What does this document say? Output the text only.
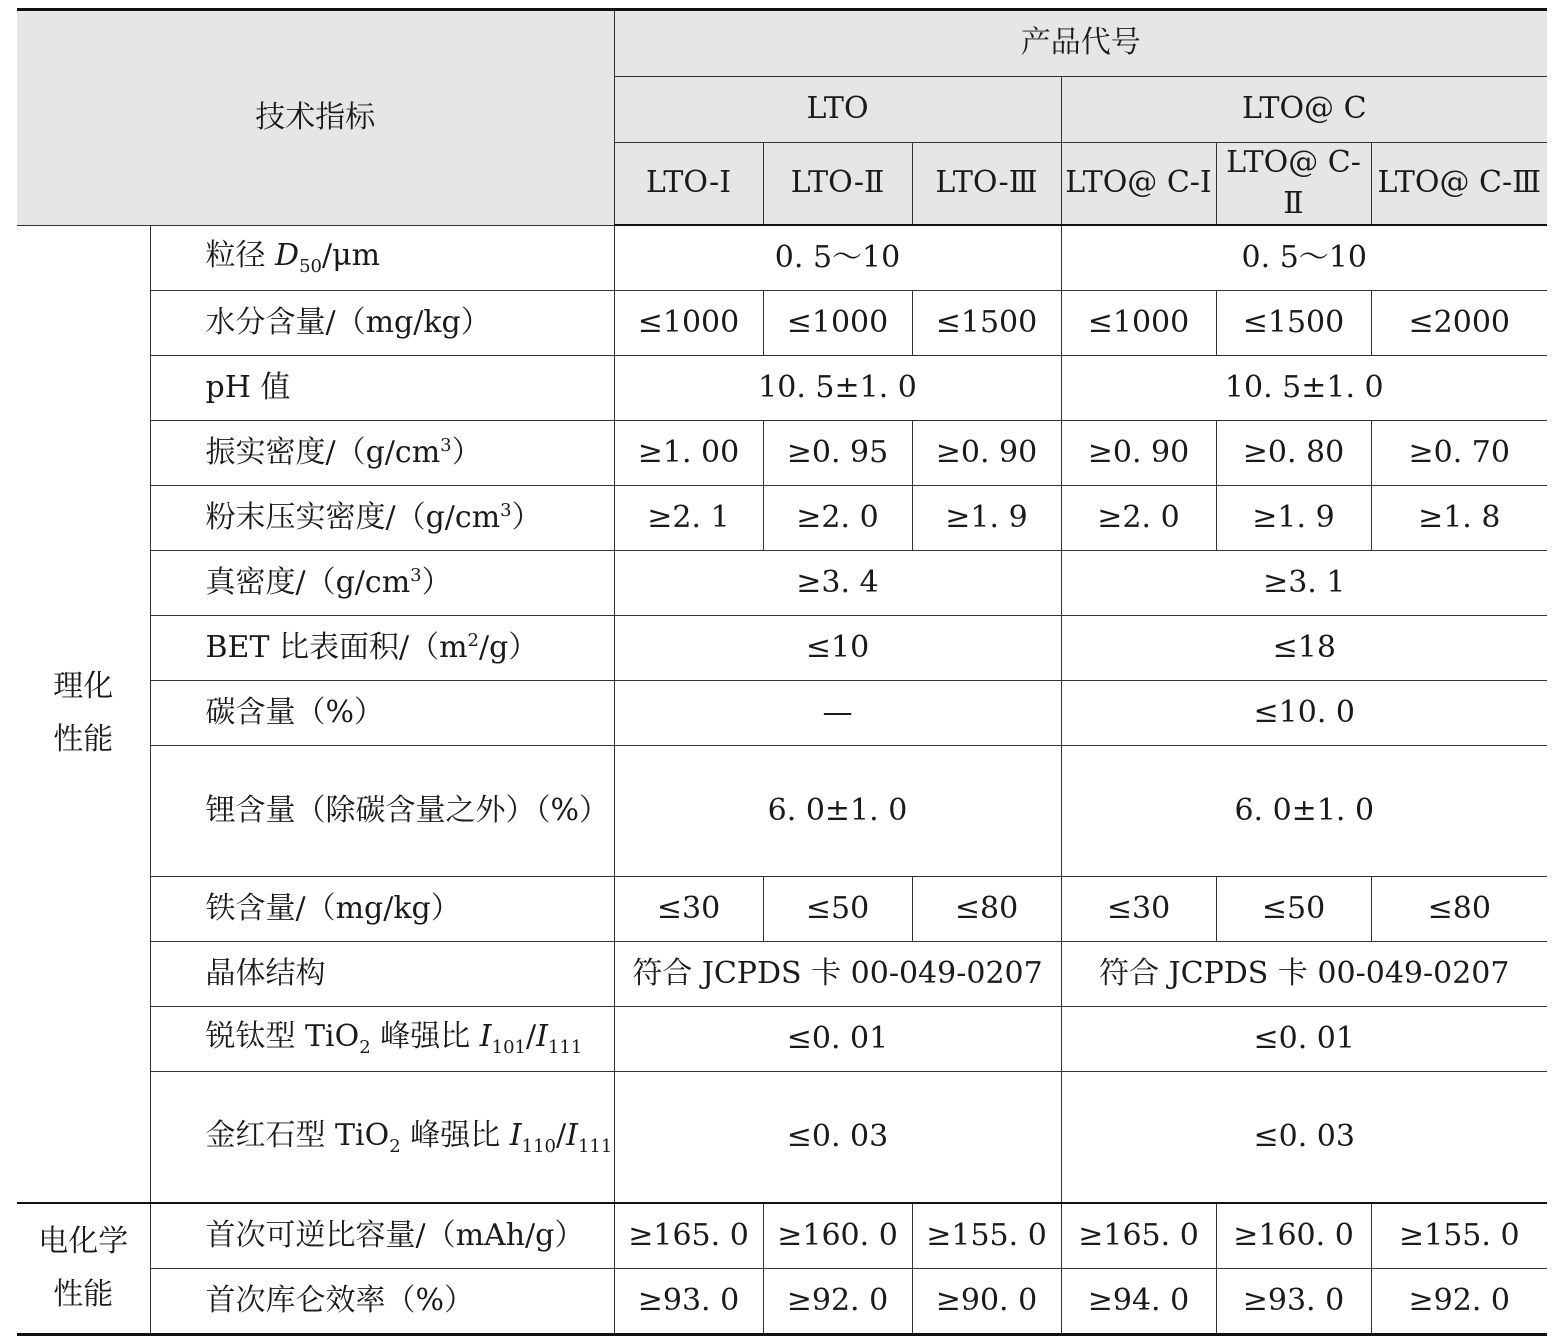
技术指标		产品代号					
		LTO			LTO@ C		
		LTO-Ⅰ	LTO-Ⅱ	LTO-Ⅲ	LTO@ C-Ⅰ	LTO@ C-Ⅱ	LTO@ C-Ⅲ
理化
性能	粒径 $D_{50}/\mu m$	0. 5～10			0. 5～10		
	水分含量/（mg/kg）	≤1000	≤1000	≤1500	≤1000	≤1500	≤2000
	pH 值	10. 5±1. 0			10. 5±1. 0		
	振实密度$/(g/cm^3)$	≥1. 00	≥0. 95	≥0. 90	≥0. 90	≥0. 80	≥0. 70
	粉末压实密度$/(g/cm^3)$	≥2. 1	≥2. 0	≥1. 9	≥2. 0	≥1. 9	≥1. 8
	真密度$/(g/cm^3)$	≥3. 4			≥3. 1		
	BET 比表面积$/(m^2/g)$	≤10			≤18		
	碳含量（%）	—			≤10. 0		
	锂含量（除碳含量之外）（%）	6. 0±1. 0			6. 0±1. 0		
	铁含量/（mg/kg）	≤30	≤50	≤80	≤30	≤50	≤80
	晶体结构	符合 JCPDS 卡 00-049-0207			符合 JCPDS 卡 00-049-0207		
	锐钛型 TiO$_2$ 峰强比 $I_{101}/I_{111}$	≤0. 01			≤0. 01		
	金红石型 TiO$_2$ 峰强比 $I_{110}/I_{111}$	≤0. 03			≤0. 03		
电化学
性能	首次可逆比容量/（mAh/g）	≥165. 0	≥160. 0	≥155. 0	≥165. 0	≥160. 0	≥155. 0
	首次库仑效率（%）	≥93. 0	≥92. 0	≥90. 0	≥94. 0	≥93. 0	≥92. 0
